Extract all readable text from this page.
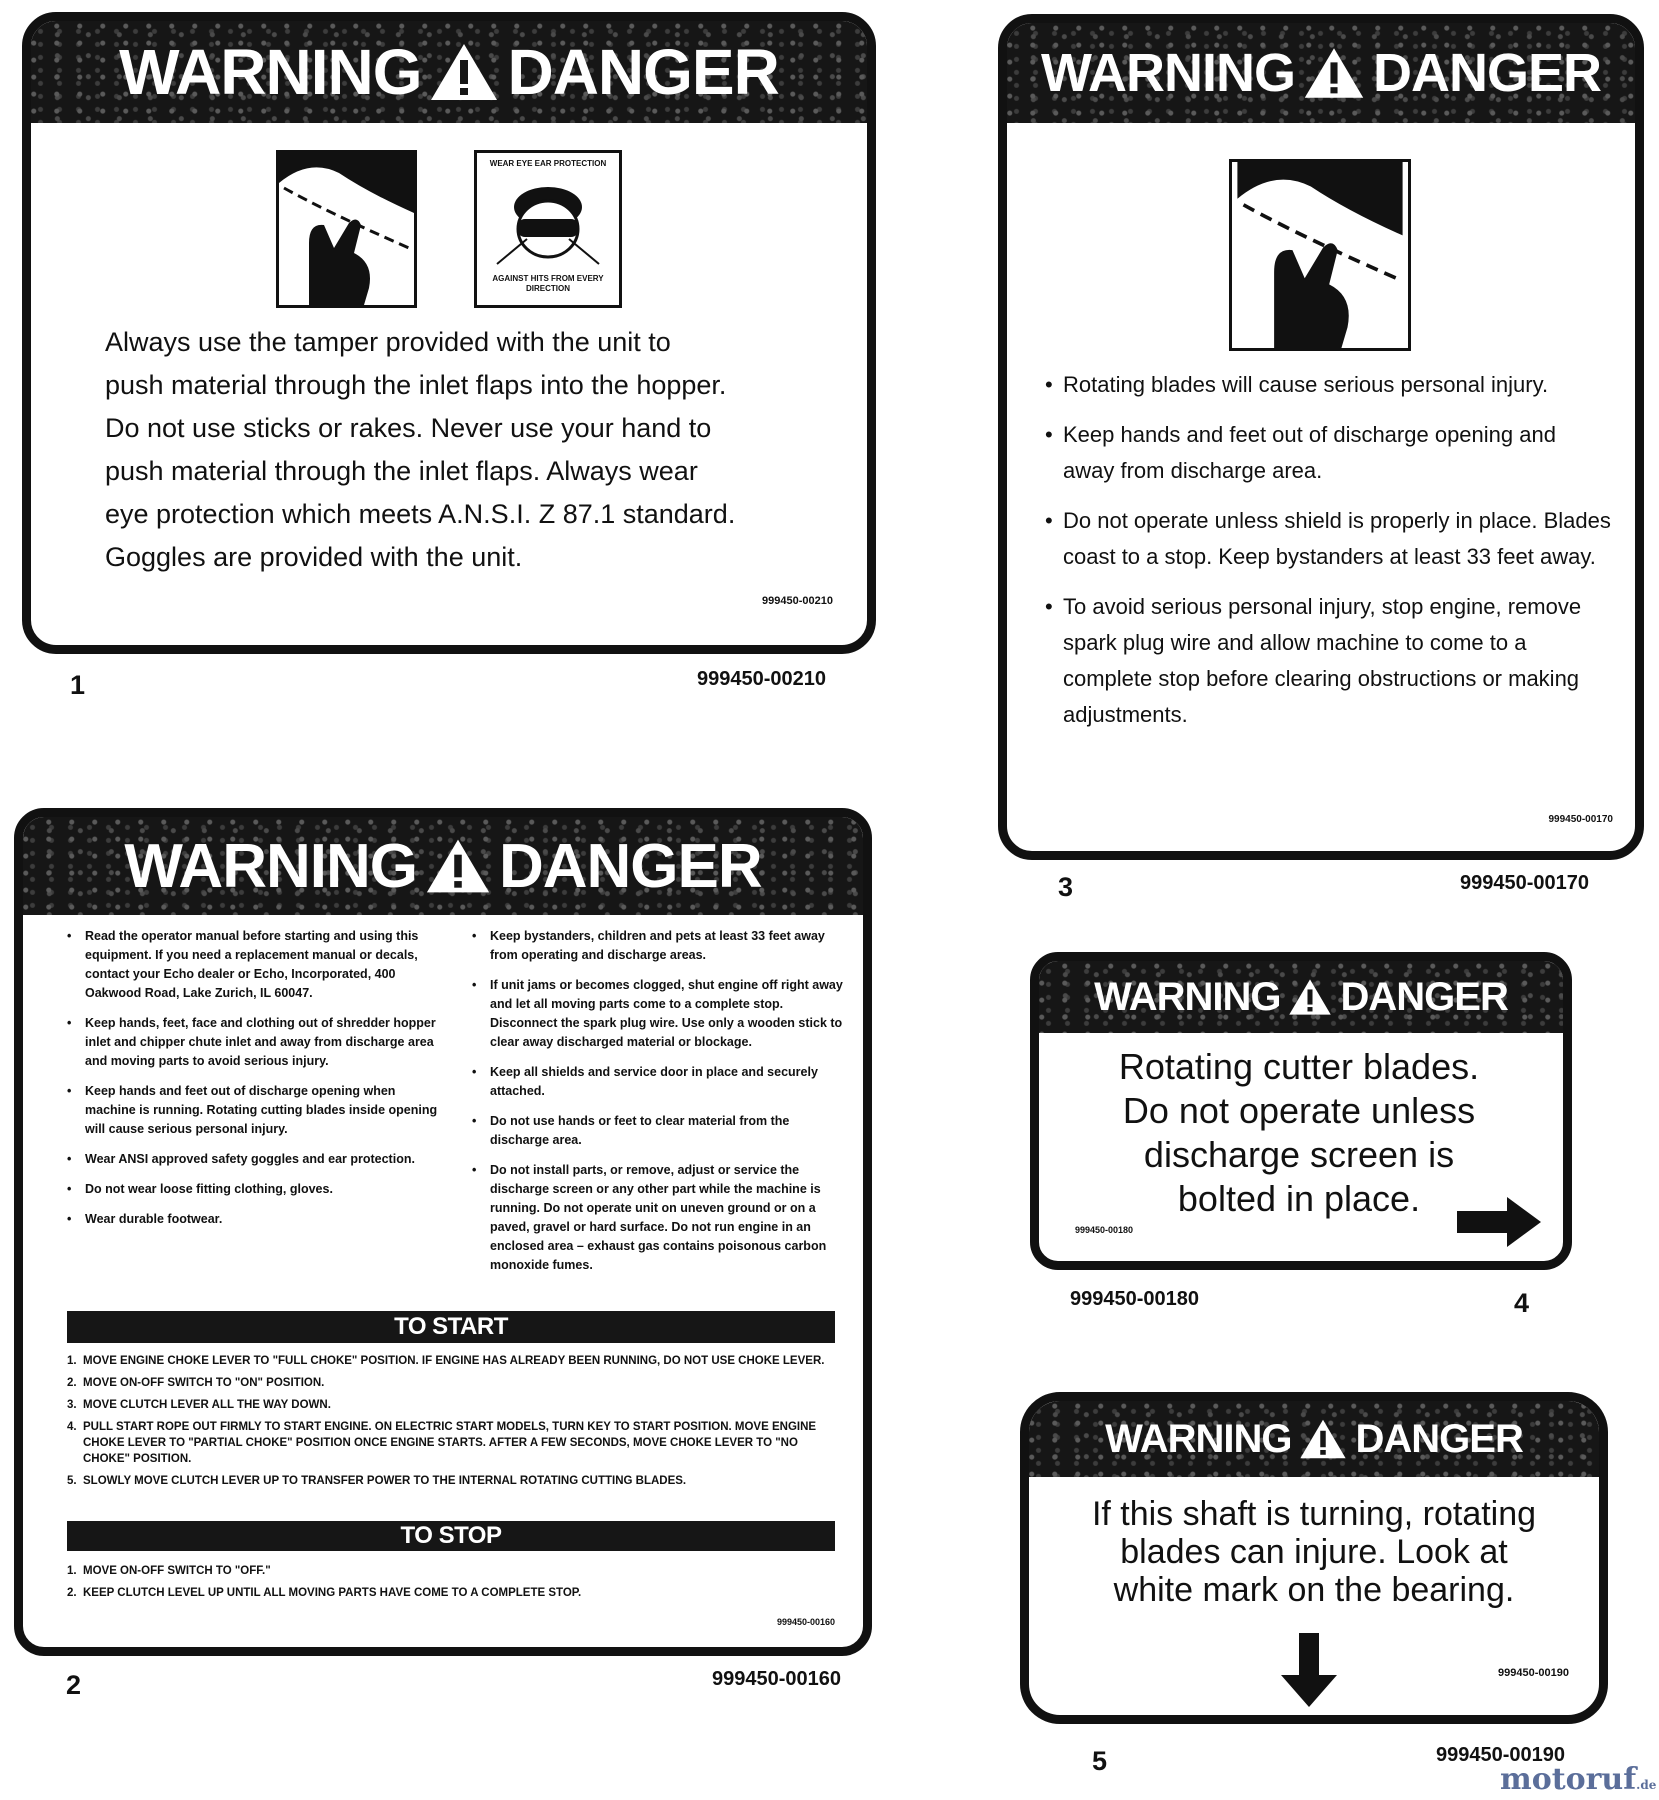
WARNING DANGER
WEAR EYE EAR PROTECTION
AGAINST HITS FROM EVERY DIRECTION
Always use the tamper provided with the unit to
push material through the inlet flaps into the hopper.
Do not use sticks or rakes. Never use your hand to
push material through the inlet flaps. Always wear
eye protection which meets A.N.S.I. Z 87.1 standard.
Goggles are provided with the unit.
999450-00210
1	999450-00210
WARNING DANGER
• Read the operator manual before starting and using this equipment. If you need a replacement manual or decals, contact your Echo dealer or Echo, Incorporated, 400 Oakwood Road, Lake Zurich, IL 60047.
• Keep hands, feet, face and clothing out of shredder hopper inlet and chipper chute inlet and away from discharge area and moving parts to avoid serious injury.
• Keep hands and feet out of discharge opening when machine is running. Rotating cutting blades inside opening will cause serious personal injury.
• Wear ANSI approved safety goggles and ear protection.
• Do not wear loose fitting clothing, gloves.
• Wear durable footwear.
• Keep bystanders, children and pets at least 33 feet away from operating and discharge areas.
• If unit jams or becomes clogged, shut engine off right away and let all moving parts come to a complete stop. Disconnect the spark plug wire. Use only a wooden stick to clear away discharged material or blockage.
• Keep all shields and service door in place and securely attached.
• Do not use hands or feet to clear material from the discharge area.
• Do not install parts, or remove, adjust or service the discharge screen or any other part while the machine is running. Do not operate unit on uneven ground or on a paved, gravel or hard surface. Do not run engine in an enclosed area – exhaust gas contains poisonous carbon monoxide fumes.
TO START
1. MOVE ENGINE CHOKE LEVER TO "FULL CHOKE" POSITION. IF ENGINE HAS ALREADY BEEN RUNNING, DO NOT USE CHOKE LEVER.
2. MOVE ON-OFF SWITCH TO "ON" POSITION.
3. MOVE CLUTCH LEVER ALL THE WAY DOWN.
4. PULL START ROPE OUT FIRMLY TO START ENGINE. ON ELECTRIC START MODELS, TURN KEY TO START POSITION. MOVE ENGINE CHOKE LEVER TO "PARTIAL CHOKE" POSITION ONCE ENGINE STARTS. AFTER A FEW SECONDS, MOVE CHOKE LEVER TO "NO CHOKE" POSITION.
5. SLOWLY MOVE CLUTCH LEVER UP TO TRANSFER POWER TO THE INTERNAL ROTATING CUTTING BLADES.
TO STOP
1. MOVE ON-OFF SWITCH TO "OFF."
2. KEEP CLUTCH LEVEL UP UNTIL ALL MOVING PARTS HAVE COME TO A COMPLETE STOP.
999450-00160
2	999450-00160
WARNING DANGER
• Rotating blades will cause serious personal injury.
• Keep hands and feet out of discharge opening and away from discharge area.
• Do not operate unless shield is properly in place. Blades coast to a stop. Keep bystanders at least 33 feet away.
• To avoid serious personal injury, stop engine, remove spark plug wire and allow machine to come to a complete stop before clearing obstructions or making adjustments.
999450-00170
3	999450-00170
WARNING DANGER
Rotating cutter blades.
Do not operate unless
discharge screen is
bolted in place.
999450-00180
999450-00180	4
WARNING DANGER
If this shaft is turning, rotating
blades can injure. Look at
white mark on the bearing.
999450-00190
5	999450-00190
motoruf.de
